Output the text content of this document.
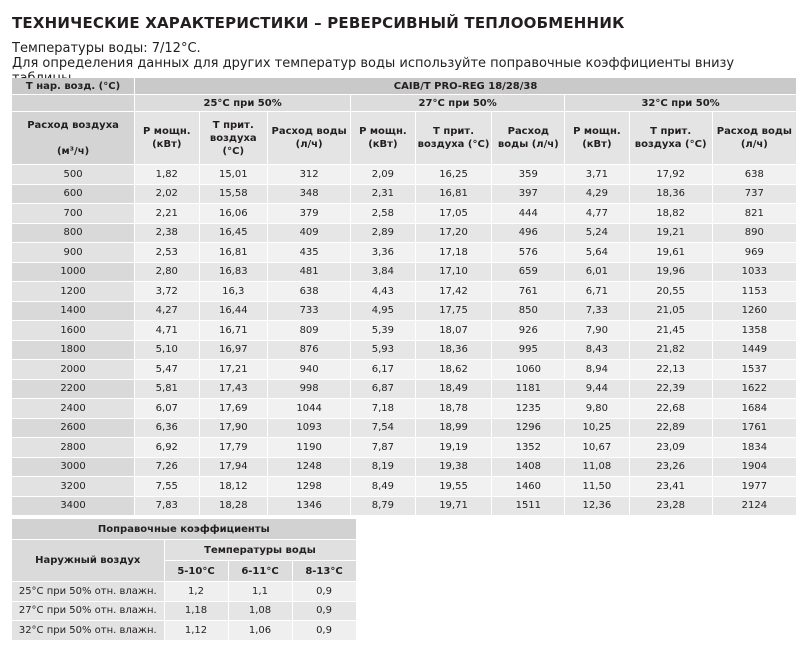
ТЕХНИЧЕСКИЕ ХАРАКТЕРИСТИКИ – РЕВЕРСИВНЫЙ ТЕПЛООБМЕННИК
Температуры воды: 7/12°С.
Для определения данных для других температур воды используйте поправочные коэффициенты внизу
Т нар. возд. (°С)	CAIB/T PRO-REG 18/28/38								
	25°С при 50%			27°С при 50%			32°С при 50%		

Расход воздуха
(м³/ч)	P мощн. (кВт)	Т прит. воздуха (°С)	Расход воды (л/ч)	P мощн. (кВт)	Т прит. воздуха (°С)	Расход воды (л/ч)	P мощн. (кВт)	Т прит. воздуха (°С)	Расход воды (л/ч)
500	1,82	15,01	312	2,09	16,25	359	3,71	17,92	638
600	2,02	15,58	348	2,31	16,81	397	4,29	18,36	737
700	2,21	16,06	379	2,58	17,05	444	4,77	18,82	821
800	2,38	16,45	409	2,89	17,20	496	5,24	19,21	890
900	2,53	16,81	435	3,36	17,18	576	5,64	19,61	969
1000	2,80	16,83	481	3,84	17,10	659	6,01	19,96	1033
1200	3,72	16,3	638	4,43	17,42	761	6,71	20,55	1153
1400	4,27	16,44	733	4,95	17,75	850	7,33	21,05	1260
1600	4,71	16,71	809	5,39	18,07	926	7,90	21,45	1358
1800	5,10	16,97	876	5,93	18,36	995	8,43	21,82	1449
2000	5,47	17,21	940	6,17	18,62	1060	8,94	22,13	1537
2200	5,81	17,43	998	6,87	18,49	1181	9,44	22,39	1622
2400	6,07	17,69	1044	7,18	18,78	1235	9,80	22,68	1684
2600	6,36	17,90	1093	7,54	18,99	1296	10,25	22,89	1761
2800	6,92	17,79	1190	7,87	19,19	1352	10,67	23,09	1834
3000	7,26	17,94	1248	8,19	19,38	1408	11,08	23,26	1904
3200	7,55	18,12	1298	8,49	19,55	1460	11,50	23,41	1977
3400	7,83	18,28	1346	8,79	19,71	1511	12,36	23,28	2124
Поправочные коэффициенты			
Наружный воздух	Температуры воды		
	5-10°С	6-11°С	8-13°С
25°С при 50% отн. влажн.	1,2	1,1	0,9
27°С при 50% отн. влажн.	1,18	1,08	0,9
32°С при 50% отн. влажн.	1,12	1,06	0,9
